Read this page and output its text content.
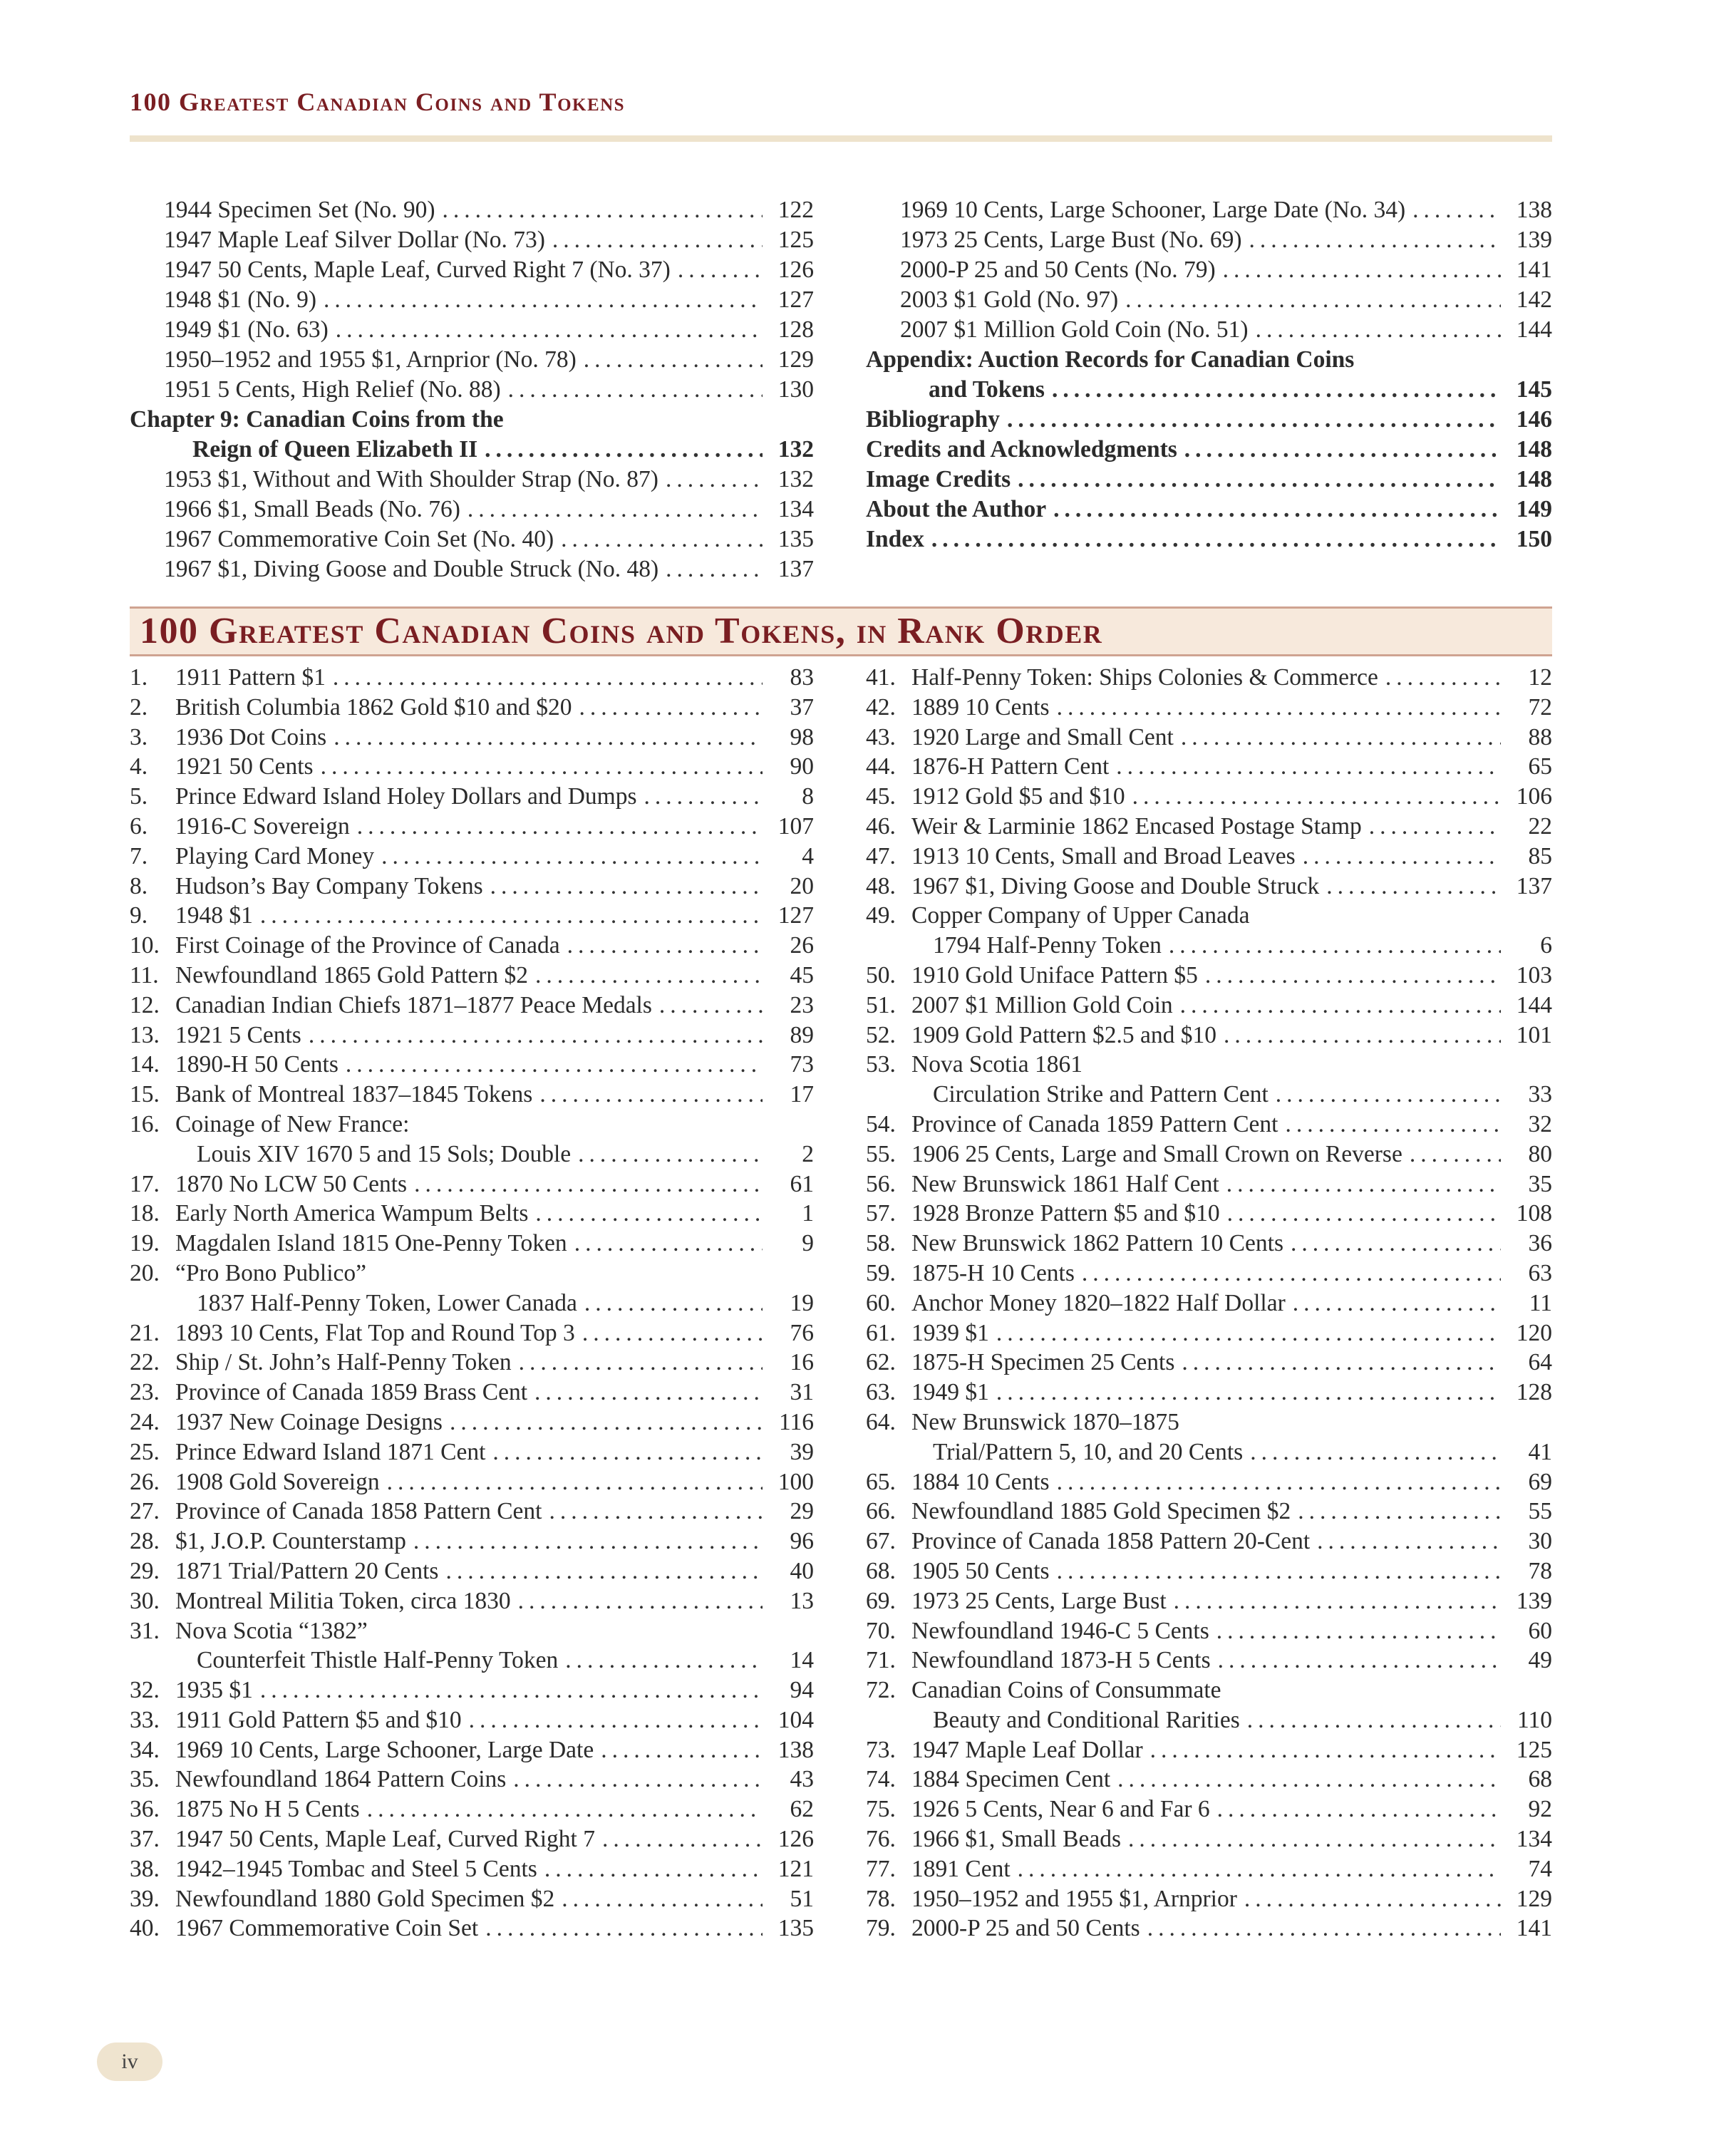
100 Greatest Canadian Coins and Tokens
1944 Specimen Set (No. 90) .....	122
1947 Maple Leaf Silver Dollar (No. 73) .....	125
1947 50 Cents, Maple Leaf, Curved Right 7 (No. 37) .....	126
1948 $1 (No. 9) .....	127
1949 $1 (No. 63) .....	128
1950–1952 and 1955 $1, Arnprior (No. 78) .....	129
1951 5 Cents, High Relief (No. 88) .....	130
Chapter 9: Canadian Coins from the
Reign of Queen Elizabeth II .....	132
1953 $1, Without and With Shoulder Strap (No. 87) .....	132
1966 $1, Small Beads (No. 76) .....	134
1967 Commemorative Coin Set (No. 40) .....	135
1967 $1, Diving Goose and Double Struck (No. 48) .....	137
1969 10 Cents, Large Schooner, Large Date (No. 34) .....	138
1973 25 Cents, Large Bust (No. 69) .....	139
2000-P 25 and 50 Cents (No. 79) .....	141
2003 $1 Gold (No. 97) .....	142
2007 $1 Million Gold Coin (No. 51) .....	144
Appendix: Auction Records for Canadian Coins
and Tokens .....	145
Bibliography .....	146
Credits and Acknowledgments .....	148
Image Credits .....	148
About the Author .....	149
Index .....	150
100 Greatest Canadian Coins and Tokens, in Rank Order
1.	1911 Pattern $1 .....	83
2.	British Columbia 1862 Gold $10 and $20 .....	37
3.	1936 Dot Coins .....	98
4.	1921 50 Cents .....	90
5.	Prince Edward Island Holey Dollars and Dumps .....	8
6.	1916-C Sovereign .....	107
7.	Playing Card Money .....	4
8.	Hudson’s Bay Company Tokens .....	20
9.	1948 $1 .....	127
10. First Coinage of the Province of Canada .....	26
11. Newfoundland 1865 Gold Pattern $2 .....	45
12. Canadian Indian Chiefs 1871–1877 Peace Medals .....	23
13. 1921 5 Cents .....	89
14. 1890-H 50 Cents .....	73
15. Bank of Montreal 1837–1845 Tokens .....	17
16. Coinage of New France:
Louis XIV 1670 5 and 15 Sols; Double .....	2
17. 1870 No LCW 50 Cents .....	61
18. Early North America Wampum Belts .....	1
19. Magdalen Island 1815 One-Penny Token .....	9
20. “Pro Bono Publico”
1837 Half-Penny Token, Lower Canada .....	19
21. 1893 10 Cents, Flat Top and Round Top 3 .....	76
22. Ship / St. John’s Half-Penny Token .....	16
23. Province of Canada 1859 Brass Cent .....	31
24. 1937 New Coinage Designs .....	116
25. Prince Edward Island 1871 Cent .....	39
26. 1908 Gold Sovereign .....	100
27. Province of Canada 1858 Pattern Cent .....	29
28. $1, J.O.P. Counterstamp .....	96
29. 1871 Trial/Pattern 20 Cents .....	40
30. Montreal Militia Token, circa 1830 .....	13
31. Nova Scotia “1382”
Counterfeit Thistle Half-Penny Token .....	14
32. 1935 $1 .....	94
33. 1911 Gold Pattern $5 and $10 .....	104
34. 1969 10 Cents, Large Schooner, Large Date .....	138
35. Newfoundland 1864 Pattern Coins .....	43
36. 1875 No H 5 Cents .....	62
37. 1947 50 Cents, Maple Leaf, Curved Right 7 .....	126
38. 1942–1945 Tombac and Steel 5 Cents .....	121
39. Newfoundland 1880 Gold Specimen $2 .....	51
40. 1967 Commemorative Coin Set .....	135
41. Half-Penny Token: Ships Colonies & Commerce .....	12
42. 1889 10 Cents .....	72
43. 1920 Large and Small Cent .....	88
44. 1876-H Pattern Cent .....	65
45. 1912 Gold $5 and $10 .....	106
46. Weir & Larminie 1862 Encased Postage Stamp .....	22
47. 1913 10 Cents, Small and Broad Leaves .....	85
48. 1967 $1, Diving Goose and Double Struck .....	137
49. Copper Company of Upper Canada
1794 Half-Penny Token .....	6
50. 1910 Gold Uniface Pattern $5 .....	103
51. 2007 $1 Million Gold Coin .....	144
52. 1909 Gold Pattern $2.5 and $10 .....	101
53. Nova Scotia 1861
Circulation Strike and Pattern Cent .....	33
54. Province of Canada 1859 Pattern Cent .....	32
55. 1906 25 Cents, Large and Small Crown on Reverse .....	80
56. New Brunswick 1861 Half Cent .....	35
57. 1928 Bronze Pattern $5 and $10 .....	108
58. New Brunswick 1862 Pattern 10 Cents .....	36
59. 1875-H 10 Cents .....	63
60. Anchor Money 1820–1822 Half Dollar .....	11
61. 1939 $1 .....	120
62. 1875-H Specimen 25 Cents .....	64
63. 1949 $1 .....	128
64. New Brunswick 1870–1875
Trial/Pattern 5, 10, and 20 Cents .....	41
65. 1884 10 Cents .....	69
66. Newfoundland 1885 Gold Specimen $2 .....	55
67. Province of Canada 1858 Pattern 20-Cent .....	30
68. 1905 50 Cents .....	78
69. 1973 25 Cents, Large Bust .....	139
70. Newfoundland 1946-C 5 Cents .....	60
71. Newfoundland 1873-H 5 Cents .....	49
72. Canadian Coins of Consummate
Beauty and Conditional Rarities .....	110
73. 1947 Maple Leaf Dollar .....	125
74. 1884 Specimen Cent .....	68
75. 1926 5 Cents, Near 6 and Far 6 .....	92
76. 1966 $1, Small Beads .....	134
77. 1891 Cent .....	74
78. 1950–1952 and 1955 $1, Arnprior .....	129
79. 2000-P 25 and 50 Cents .....	141
iv
